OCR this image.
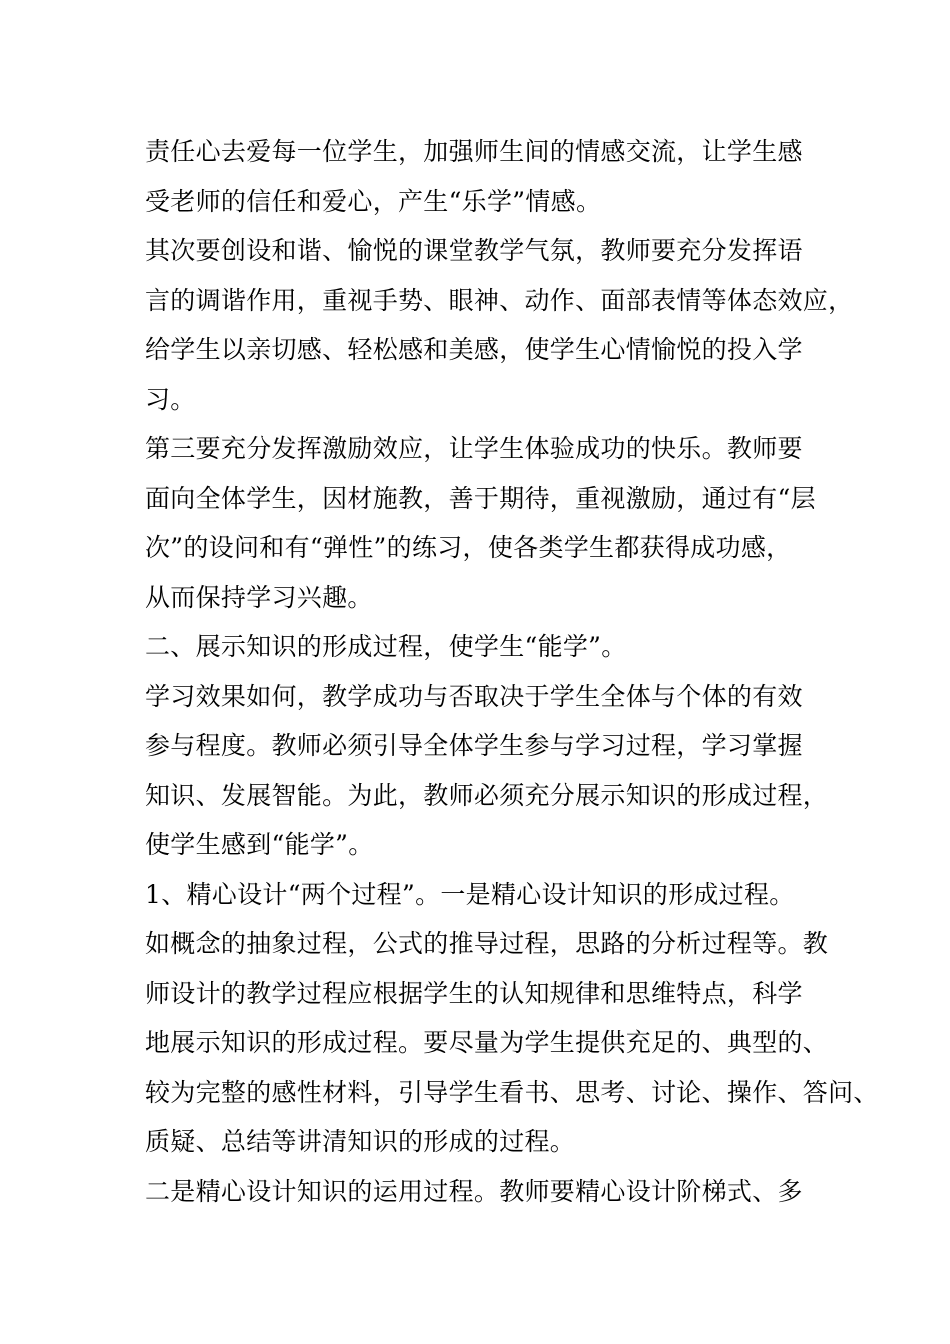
责任心去爱每一位学生，加强师生间的情感交流，让学生感
受老师的信任和爱心，产生“乐学”情感。
其次要创设和谐、愉悦的课堂教学气氛，教师要充分发挥语
言的调谐作用，重视手势、眼神、动作、面部表情等体态效应，
给学生以亲切感、轻松感和美感，使学生心情愉悦的投入学
习。
第三要充分发挥激励效应，让学生体验成功的快乐。教师要
面向全体学生，因材施教，善于期待，重视激励，通过有“层
次”的设问和有“弹性”的练习，使各类学生都获得成功感，
从而保持学习兴趣。
二、展示知识的形成过程，使学生“能学”。
学习效果如何，教学成功与否取决于学生全体与个体的有效
参与程度。教师必须引导全体学生参与学习过程，学习掌握
知识、发展智能。为此，教师必须充分展示知识的形成过程，
使学生感到“能学”。
1、精心设计“两个过程”。一是精心设计知识的形成过程。
如概念的抽象过程，公式的推导过程，思路的分析过程等。教
师设计的教学过程应根据学生的认知规律和思维特点，科学
地展示知识的形成过程。要尽量为学生提供充足的、典型的、
较为完整的感性材料，引导学生看书、思考、讨论、操作、答问、
质疑、总结等讲清知识的形成的过程。
二是精心设计知识的运用过程。教师要精心设计阶梯式、多
